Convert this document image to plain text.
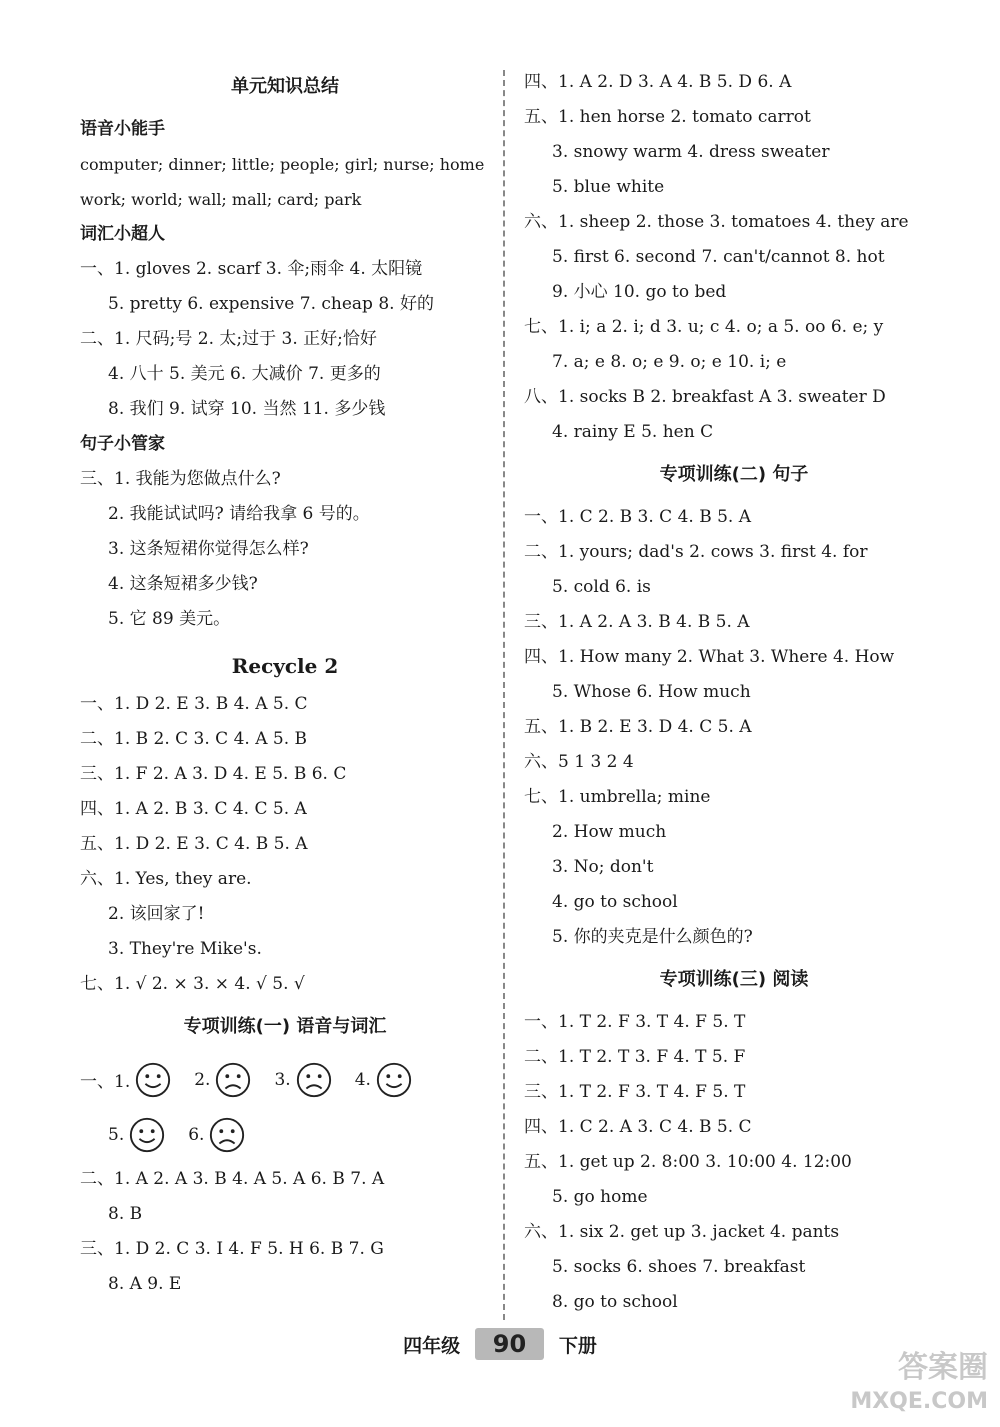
单元知识总结
语音小能手
computer; dinner; little; people; girl; nurse; home work; world; wall; mall; card; park
词汇小超人
一、1. gloves 2. scarf 3. 伞;雨伞 4. 太阳镜
5. pretty 6. expensive 7. cheap 8. 好的
二、1. 尺码;号 2. 太;过于 3. 正好;恰好
4. 八十 5. 美元 6. 大减价 7. 更多的
8. 我们 9. 试穿 10. 当然 11. 多少钱
句子小管家
三、1. 我能为您做点什么?
2. 我能试试吗? 请给我拿 6 号的。
3. 这条短裙你觉得怎么样?
4. 这条短裙多少钱?
5. 它 89 美元。
Recycle 2
一、1. D 2. E 3. B 4. A 5. C
二、1. B 2. C 3. C 4. A 5. B
三、1. F 2. A 3. D 4. E 5. B 6. C
四、1. A 2. B 3. C 4. C 5. A
五、1. D 2. E 3. C 4. B 5. A
六、1. Yes, they are.
2. 该回家了!
3. They're Mike's.
七、1. √ 2. × 3. × 4. √ 5. √
专项训练(一) 语音与词汇
一、1.	2.	3.	4.
5.	6.
二、1. A 2. A 3. B 4. A 5. A 6. B 7. A
8. B
三、1. D 2. C 3. I 4. F 5. H 6. B 7. G
8. A 9. E
四、1. A 2. D 3. A 4. B 5. D 6. A
五、1. hen horse 2. tomato carrot
3. snowy warm 4. dress sweater
5. blue white
六、1. sheep 2. those 3. tomatoes 4. they are
5. first 6. second 7. can't/cannot 8. hot
9. 小心 10. go to bed
七、1. i; a 2. i; d 3. u; c 4. o; a 5. oo 6. e; y
7. a; e 8. o; e 9. o; e 10. i; e
八、1. socks B 2. breakfast A 3. sweater D
4. rainy E 5. hen C
专项训练(二) 句子
一、1. C 2. B 3. C 4. B 5. A
二、1. yours; dad's 2. cows 3. first 4. for
5. cold 6. is
三、1. A 2. A 3. B 4. B 5. A
四、1. How many 2. What 3. Where 4. How
5. Whose 6. How much
五、1. B 2. E 3. D 4. C 5. A
六、5 1 3 2 4
七、1. umbrella; mine
2. How much
3. No; don't
4. go to school
5. 你的夹克是什么颜色的?
专项训练(三) 阅读
一、1. T 2. F 3. T 4. F 5. T
二、1. T 2. T 3. F 4. T 5. F
三、1. T 2. F 3. T 4. F 5. T
四、1. C 2. A 3. C 4. B 5. C
五、1. get up 2. 8:00 3. 10:00 4. 12:00
5. go home
六、1. six 2. get up 3. jacket 4. pants
5. socks 6. shoes 7. breakfast
8. go to school
四年级 90 下册
答案圈
MXQE.COM
